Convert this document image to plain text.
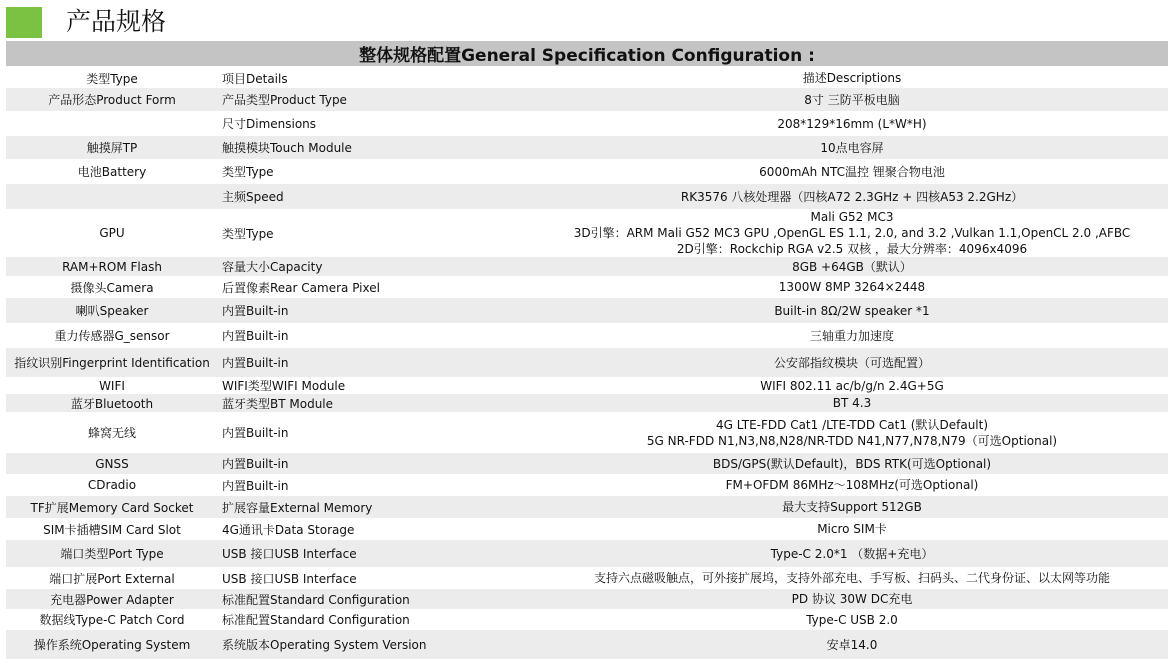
产品规格
整体规格配置General Specification Configuration :		
类型Type	项目Details	描述Descriptions
产品形态Product Form	产品类型Product Type	8寸 三防平板电脑
	尺寸Dimensions	208*129*16mm (L*W*H)
触摸屏TP	触摸模块Touch Module	10点电容屏
电池Battery	类型Type	6000mAh NTC温控 锂聚合物电池
	主频Speed	RK3576 八核处理器（四核A72 2.3GHz + 四核A53 2.2GHz）
GPU	类型Type	Mali G52 MC3
3D引擎：ARM Mali G52 MC3 GPU ,OpenGL ES 1.1, 2.0, and 3.2 ,Vulkan 1.1,OpenCL 2.0 ,AFBC
2D引擎：Rockchip RGA v2.5 双核 ，最大分辨率：4096x4096

RAM+ROM Flash	容量大小Capacity	8GB +64GB（默认）
摄像头Camera	后置像素Rear Camera Pixel	1300W 8MP 3264×2448
喇叭Speaker	内置Built-in	Built-in 8Ω/2W speaker *1
重力传感器G_sensor	内置Built-in	三轴重力加速度
指纹识别Fingerprint Identification	内置Built-in	公安部指纹模块（可选配置）
WIFI	WIFI类型WIFI Module	WIFI 802.11 ac/b/g/n 2.4G+5G
蓝牙Bluetooth	蓝牙类型BT Module	BT 4.3
蜂窝无线	内置Built-in	4G LTE-FDD Cat1 /LTE-TDD Cat1 (默认Default)
5G NR-FDD N1,N3,N8,N28/NR-TDD N41,N77,N78,N79（可选Optional)

GNSS	内置Built-in	BDS/GPS(默认Default)，BDS RTK(可选Optional)
CDradio	内置Built-in	FM+OFDM 86MHz～108MHz(可选Optional)
TF扩展Memory Card Socket	扩展容量External Memory	最大支持Support 512GB
SIM卡插槽SIM Card Slot	4G通讯卡Data Storage	Micro SIM卡
端口类型Port Type	USB 接口USB Interface	Type-C 2.0*1 （数据+充电）
端口扩展Port External	USB 接口USB Interface	支持六点磁吸触点，可外接扩展坞，支持外部充电、手写板、扫码头、二代身份证、以太网等功能
充电器Power Adapter	标准配置Standard Configuration	PD 协议 30W DC充电
数据线Type-C Patch Cord	标准配置Standard Configuration	Type-C USB 2.0
操作系统Operating System	系统版本Operating System Version	安卓14.0
